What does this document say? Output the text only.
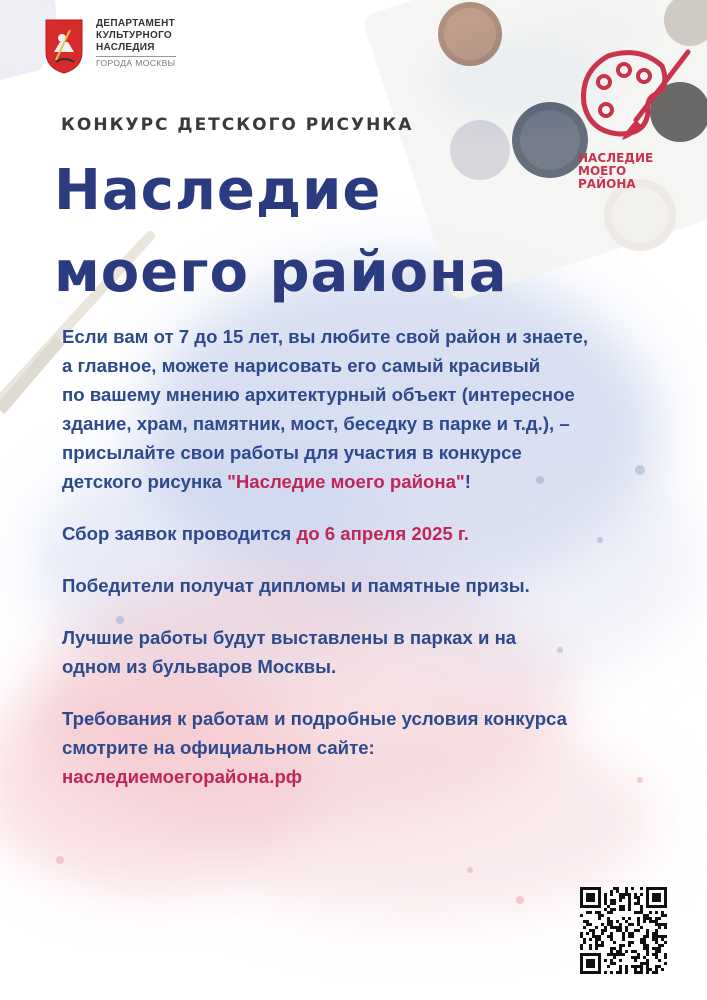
ДЕПАРТАМЕНТ
КУЛЬТУРНОГО
НАСЛЕДИЯ
ГОРОДА МОСКВЫ
КОНКУРС ДЕТСКОГО РИСУНКА
Наследие
моего района
НАСЛЕДИЕ
МОЕГО
РАЙОНА
Если вам от 7 до 15 лет, вы любите свой район и знаете,
а главное, можете нарисовать его самый красивый
по вашему мнению архитектурный объект (интересное
здание, храм, памятник, мост, беседку в парке и т.д.), –
присылайте свои работы для участия в конкурсе
детского рисунка "Наследие моего района"!
Сбор заявок проводится до 6 апреля 2025 г.
Победители получат дипломы и памятные призы.
Лучшие работы будут выставлены в парках и на
одном из бульваров Москвы.
Требования к работам и подробные условия конкурса
смотрите на официальном сайте:
наследиемоегорайона.рф
